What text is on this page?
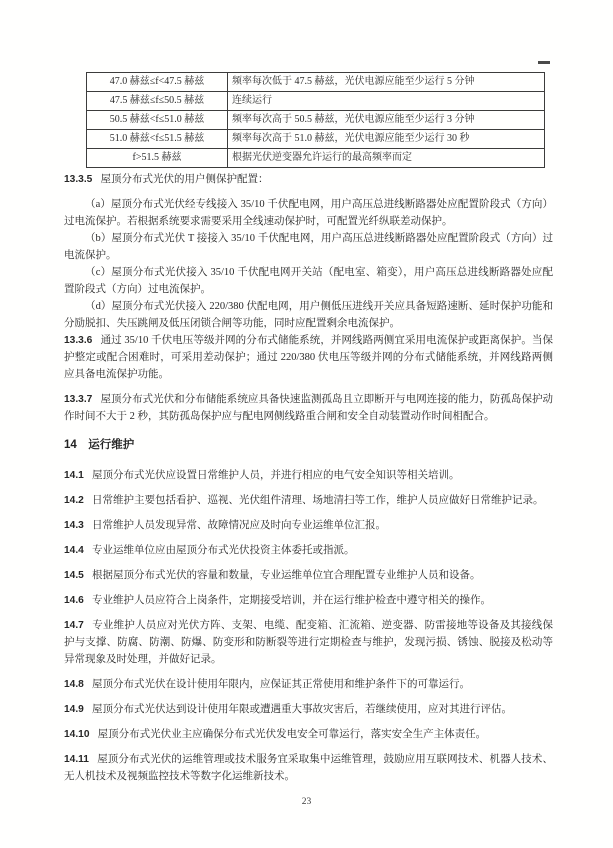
47.0 赫兹≤f<47.5 赫兹	频率每次低于 47.5 赫兹，光伏电源应能至少运行 5 分钟
47.5 赫兹≤f≤50.5 赫兹	连续运行
50.5 赫兹<f≤51.0 赫兹	频率每次高于 50.5 赫兹，光伏电源应能至少运行 3 分钟
51.0 赫兹<f≤51.5 赫兹	频率每次高于 51.0 赫兹，光伏电源应能至少运行 30 秒
f>51.5 赫兹	根据光伏逆变器允许运行的最高频率而定

13.3.5 屋顶分布式光伏的用户侧保护配置：

（a）屋顶分布式光伏经专线接入 35/10 千伏配电网，用户高压总进线断路器处应配置阶段式（方向）过电流保护。若根据系统要求需要采用全线速动保护时，可配置光纤纵联差动保护。

（b）屋顶分布式光伏 T 接接入 35/10 千伏配电网，用户高压总进线断路器处应配置阶段式（方向）过电流保护。

（c）屋顶分布式光伏接入 35/10 千伏配电网开关站（配电室、箱变），用户高压总进线断路器处应配置阶段式（方向）过电流保护。

（d）屋顶分布式光伏接入 220/380 伏配电网，用户侧低压进线开关应具备短路速断、延时保护功能和分励脱扣、失压跳闸及低压闭锁合闸等功能，同时应配置剩余电流保护。

13.3.6 通过 35/10 千伏电压等级并网的分布式储能系统，并网线路两侧宜采用电流保护或距离保护。当保护整定或配合困难时，可采用差动保护；通过 220/380 伏电压等级并网的分布式储能系统，并网线路两侧应具备电流保护功能。

13.3.7 屋顶分布式光伏和分布储能系统应具备快速监测孤岛且立即断开与电网连接的能力，防孤岛保护动作时间不大于 2 秒，其防孤岛保护应与配电网侧线路重合闸和安全自动装置动作时间相配合。

14 运行维护

14.1 屋顶分布式光伏应设置日常维护人员，并进行相应的电气安全知识等相关培训。

14.2 日常维护主要包括看护、巡视、光伏组件清理、场地清扫等工作，维护人员应做好日常维护记录。

14.3 日常维护人员发现异常、故障情况应及时向专业运维单位汇报。

14.4 专业运维单位应由屋顶分布式光伏投资主体委托或指派。

14.5 根据屋顶分布式光伏的容量和数量，专业运维单位宜合理配置专业维护人员和设备。

14.6 专业维护人员应符合上岗条件，定期接受培训，并在运行维护检查中遵守相关的操作。

14.7 专业维护人员应对光伏方阵、支架、电缆、配变箱、汇流箱、逆变器、防雷接地等设备及其接线保护与支撑、防腐、防潮、防爆、防变形和防断裂等进行定期检查与维护，发现污损、锈蚀、脱接及松动等异常现象及时处理，并做好记录。

14.8 屋顶分布式光伏在设计使用年限内，应保证其正常使用和维护条件下的可靠运行。

14.9 屋顶分布式光伏达到设计使用年限或遭遇重大事故灾害后，若继续使用，应对其进行评估。

14.10 屋顶分布式光伏业主应确保分布式光伏发电安全可靠运行，落实安全生产主体责任。

14.11 屋顶分布式光伏的运维管理或技术服务宜采取集中运维管理，鼓励应用互联网技术、机器人技术、无人机技术及视频监控技术等数字化运维新技术。

23
